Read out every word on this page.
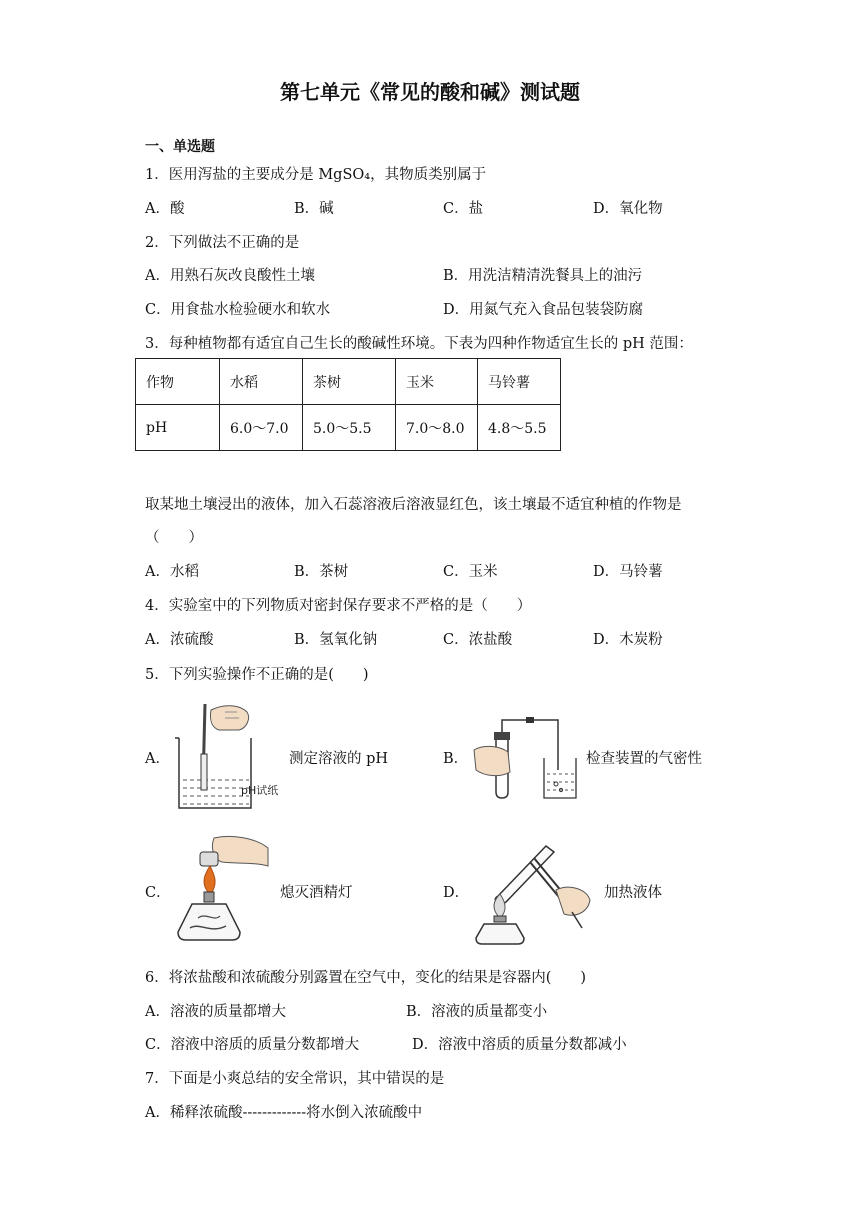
第七单元《常见的酸和碱》测试题
一、单选题
1．医用泻盐的主要成分是 MgSO₄，其物质类别属于
A．酸	B．碱	C．盐	D．氧化物
2．下列做法不正确的是
A．用熟石灰改良酸性土壤	B．用洗洁精清洗餐具上的油污
C．用食盐水检验硬水和软水	D．用氮气充入食品包装袋防腐
3．每种植物都有适宜自己生长的酸碱性环境。下表为四种作物适宜生长的 pH 范围：
作物	水稻	茶树	玉米	马铃薯
pH	6.0～7.0	5.0～5.5	7.0～8.0	4.8～5.5
取某地土壤浸出的液体，加入石蕊溶液后溶液显红色，该土壤最不适宜种植的作物是
（　　）
A．水稻	B．茶树	C．玉米	D．马铃薯
4．实验室中的下列物质对密封保存要求不严格的是（　　）
A．浓硫酸	B．氢氧化钠	C．浓盐酸	D．木炭粉
5．下列实验操作不正确的是(　　)
A．
pH试纸
测定溶液的 pH	B．	检查装置的气密性
C．	熄灭酒精灯	D．	加热液体
6．将浓盐酸和浓硫酸分别露置在空气中，变化的结果是容器内(　　)
A．溶液的质量都增大	B．溶液的质量都变小
C．溶液中溶质的质量分数都增大	D．溶液中溶质的质量分数都减小
7．下面是小爽总结的安全常识，其中错误的是
A．稀释浓硫酸-------------将水倒入浓硫酸中
